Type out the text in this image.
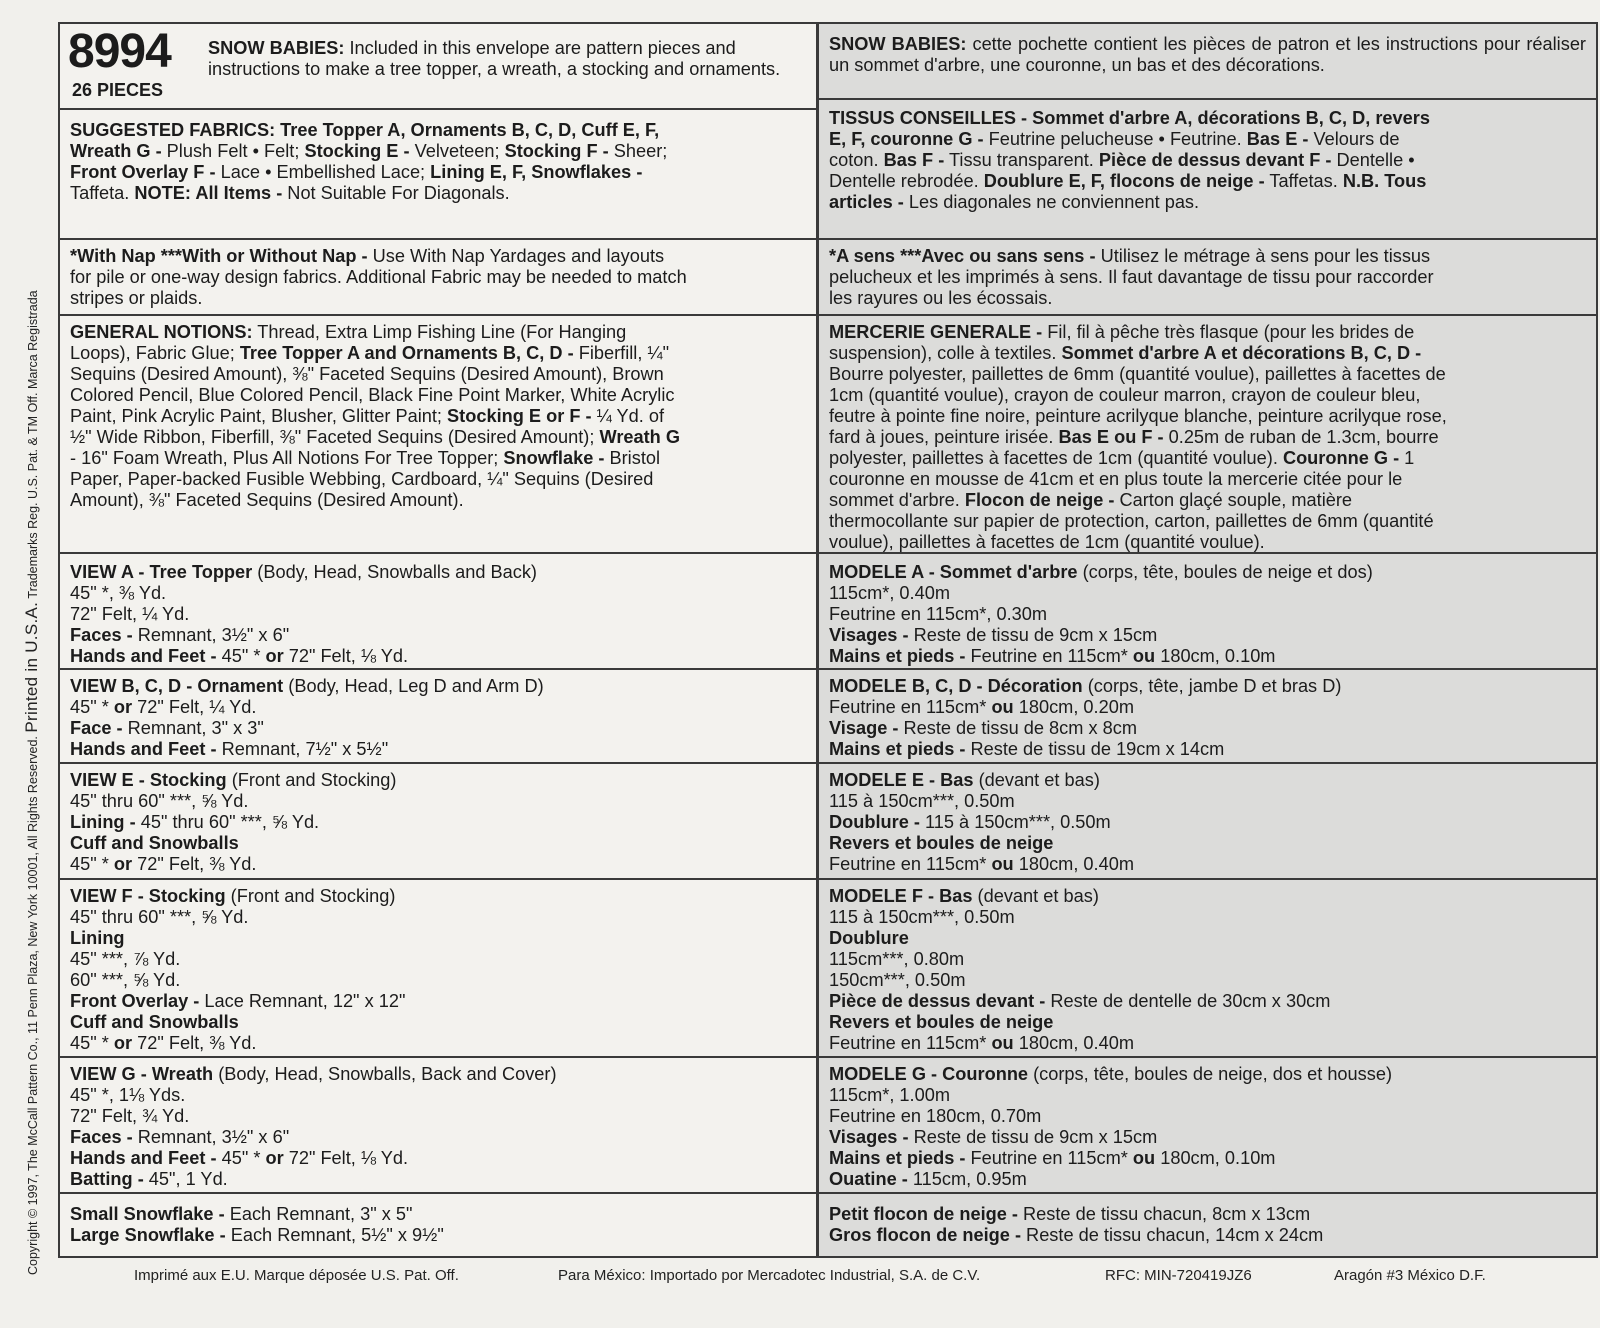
Copyright © 1997, The McCall Pattern Co., 11 Penn Plaza, New York 10001, All Rights Reserved. Printed in U.S.A. Trademarks Reg. U.S. Pat. & TM Off. Marca Registrada
8994
26 PIECES
SNOW BABIES: Included in this envelope are pattern pieces and instructions to make a tree topper, a wreath, a stocking and ornaments.
SUGGESTED FABRICS: Tree Topper A, Ornaments B, C, D, Cuff E, F,
Wreath G - Plush Felt • Felt; Stocking E - Velveteen; Stocking F - Sheer;
Front Overlay F - Lace • Embellished Lace; Lining E, F, Snowflakes -
Taffeta. NOTE: All Items - Not Suitable For Diagonals.
*With Nap ***With or Without Nap - Use With Nap Yardages and layouts
for pile or one-way design fabrics. Additional Fabric may be needed to match
stripes or plaids.
GENERAL NOTIONS: Thread, Extra Limp Fishing Line (For Hanging
Loops), Fabric Glue; Tree Topper A and Ornaments B, C, D - Fiberfill, ¼"
Sequins (Desired Amount), ⅜" Faceted Sequins (Desired Amount), Brown
Colored Pencil, Blue Colored Pencil, Black Fine Point Marker, White Acrylic
Paint, Pink Acrylic Paint, Blusher, Glitter Paint; Stocking E or F - ¼ Yd. of
½" Wide Ribbon, Fiberfill, ⅜" Faceted Sequins (Desired Amount); Wreath G
- 16" Foam Wreath, Plus All Notions For Tree Topper; Snowflake - Bristol
Paper, Paper-backed Fusible Webbing, Cardboard, ¼" Sequins (Desired
Amount), ⅜" Faceted Sequins (Desired Amount).
VIEW A - Tree Topper (Body, Head, Snowballs and Back)
45" *, ⅜ Yd.
72" Felt, ¼ Yd.
Faces - Remnant, 3½" x 6"
Hands and Feet - 45" * or 72" Felt, ⅛ Yd.
VIEW B, C, D - Ornament (Body, Head, Leg D and Arm D)
45" * or 72" Felt, ¼ Yd.
Face - Remnant, 3" x 3"
Hands and Feet - Remnant, 7½" x 5½"
VIEW E - Stocking (Front and Stocking)
45" thru 60" ***, ⅝ Yd.
Lining - 45" thru 60" ***, ⅝ Yd.
Cuff and Snowballs
45" * or 72" Felt, ⅜ Yd.
VIEW F - Stocking (Front and Stocking)
45" thru 60" ***, ⅝ Yd.
Lining
45" ***, ⅞ Yd.
60" ***, ⅝ Yd.
Front Overlay - Lace Remnant, 12" x 12"
Cuff and Snowballs
45" * or 72" Felt, ⅜ Yd.
VIEW G - Wreath (Body, Head, Snowballs, Back and Cover)
45" *, 1⅛ Yds.
72" Felt, ¾ Yd.
Faces - Remnant, 3½" x 6"
Hands and Feet - 45" * or 72" Felt, ⅛ Yd.
Batting - 45", 1 Yd.
Small Snowflake - Each Remnant, 3" x 5"
Large Snowflake - Each Remnant, 5½" x 9½"
SNOW BABIES: cette pochette contient les pièces de patron et les instructions pour réaliser un sommet d'arbre, une couronne, un bas et des décorations.
TISSUS CONSEILLES - Sommet d'arbre A, décorations B, C, D, revers
E, F, couronne G - Feutrine pelucheuse • Feutrine. Bas E - Velours de
coton. Bas F - Tissu transparent. Pièce de dessus devant F - Dentelle •
Dentelle rebrodée. Doublure E, F, flocons de neige - Taffetas. N.B. Tous
articles - Les diagonales ne conviennent pas.
*A sens ***Avec ou sans sens - Utilisez le métrage à sens pour les tissus
pelucheux et les imprimés à sens. Il faut davantage de tissu pour raccorder
les rayures ou les écossais.
MERCERIE GENERALE - Fil, fil à pêche très flasque (pour les brides de
suspension), colle à textiles. Sommet d'arbre A et décorations B, C, D -
Bourre polyester, paillettes de 6mm (quantité voulue), paillettes à facettes de
1cm (quantité voulue), crayon de couleur marron, crayon de couleur bleu,
feutre à pointe fine noire, peinture acrilyque blanche, peinture acrilyque rose,
fard à joues, peinture irisée. Bas E ou F - 0.25m de ruban de 1.3cm, bourre
polyester, paillettes à facettes de 1cm (quantité voulue). Couronne G - 1
couronne en mousse de 41cm et en plus toute la mercerie citée pour le
sommet d'arbre. Flocon de neige - Carton glaçé souple, matière
thermocollante sur papier de protection, carton, paillettes de 6mm (quantité
voulue), paillettes à facettes de 1cm (quantité voulue).
MODELE A - Sommet d'arbre (corps, tête, boules de neige et dos)
115cm*, 0.40m
Feutrine en 115cm*, 0.30m
Visages - Reste de tissu de 9cm x 15cm
Mains et pieds - Feutrine en 115cm* ou 180cm, 0.10m
MODELE B, C, D - Décoration (corps, tête, jambe D et bras D)
Feutrine en 115cm* ou 180cm, 0.20m
Visage - Reste de tissu de 8cm x 8cm
Mains et pieds - Reste de tissu de 19cm x 14cm
MODELE E - Bas (devant et bas)
115 à 150cm***, 0.50m
Doublure - 115 à 150cm***, 0.50m
Revers et boules de neige
Feutrine en 115cm* ou 180cm, 0.40m
MODELE F - Bas (devant et bas)
115 à 150cm***, 0.50m
Doublure
115cm***, 0.80m
150cm***, 0.50m
Pièce de dessus devant - Reste de dentelle de 30cm x 30cm
Revers et boules de neige
Feutrine en 115cm* ou 180cm, 0.40m
MODELE G - Couronne (corps, tête, boules de neige, dos et housse)
115cm*, 1.00m
Feutrine en 180cm, 0.70m
Visages - Reste de tissu de 9cm x 15cm
Mains et pieds - Feutrine en 115cm* ou 180cm, 0.10m
Ouatine - 115cm, 0.95m
Petit flocon de neige - Reste de tissu chacun, 8cm x 13cm
Gros flocon de neige - Reste de tissu chacun, 14cm x 24cm
Imprimé aux E.U. Marque déposée U.S. Pat. Off.	Para México: Importado por Mercadotec Industrial, S.A. de C.V.	RFC: MIN-720419JZ6	Aragón #3 México D.F.
